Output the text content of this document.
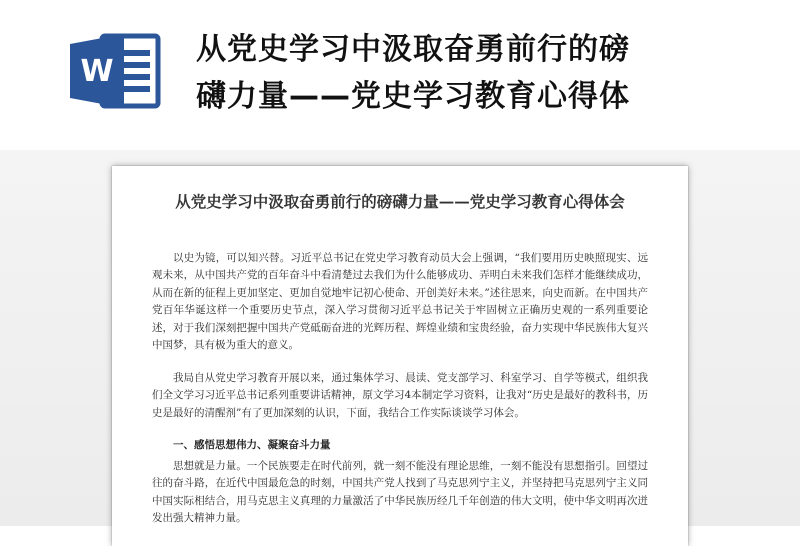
W
从党史学习中汲取奋勇前行的磅
礴力量——党史学习教育心得体
从党史学习中汲取奋勇前行的磅礴力量——党史学习教育心得体会

以史为镜，可以知兴替。习近平总书记在党史学习教育动员大会上强调，“我们要用历史映照现实、远观未来，从中国共产党的百年奋斗中看清楚过去我们为什么能够成功、弄明白未来我们怎样才能继续成功，从而在新的征程上更加坚定、更加自觉地牢记初心使命、开创美好未来。”述往思来，向史而新。在中国共产党百年华诞这样一个重要历史节点，深入学习贯彻习近平总书记关于牢固树立正确历史观的一系列重要论述，对于我们深刻把握中国共产党砥砺奋进的光辉历程、辉煌业绩和宝贵经验，奋力实现中华民族伟大复兴中国梦，具有极为重大的意义。

我局自从党史学习教育开展以来，通过集体学习、晨读、党支部学习、科室学习、自学等模式，组织我们全文学习习近平总书记系列重要讲话精神，原文学习4本制定学习资料，让我对“历史是最好的教科书，历史是最好的清醒剂”有了更加深刻的认识，下面，我结合工作实际谈谈学习体会。

一、感悟思想伟力、凝聚奋斗力量

思想就是力量。一个民族要走在时代前列，就一刻不能没有理论思维，一刻不能没有思想指引。回望过往的奋斗路，在近代中国最危急的时刻，中国共产党人找到了马克思列宁主义，并坚持把马克思列宁主义同中国实际相结合，用马克思主义真理的力量激活了中华民族历经几千年创造的伟大文明，使中华文明再次迸发出强大精神力量。
